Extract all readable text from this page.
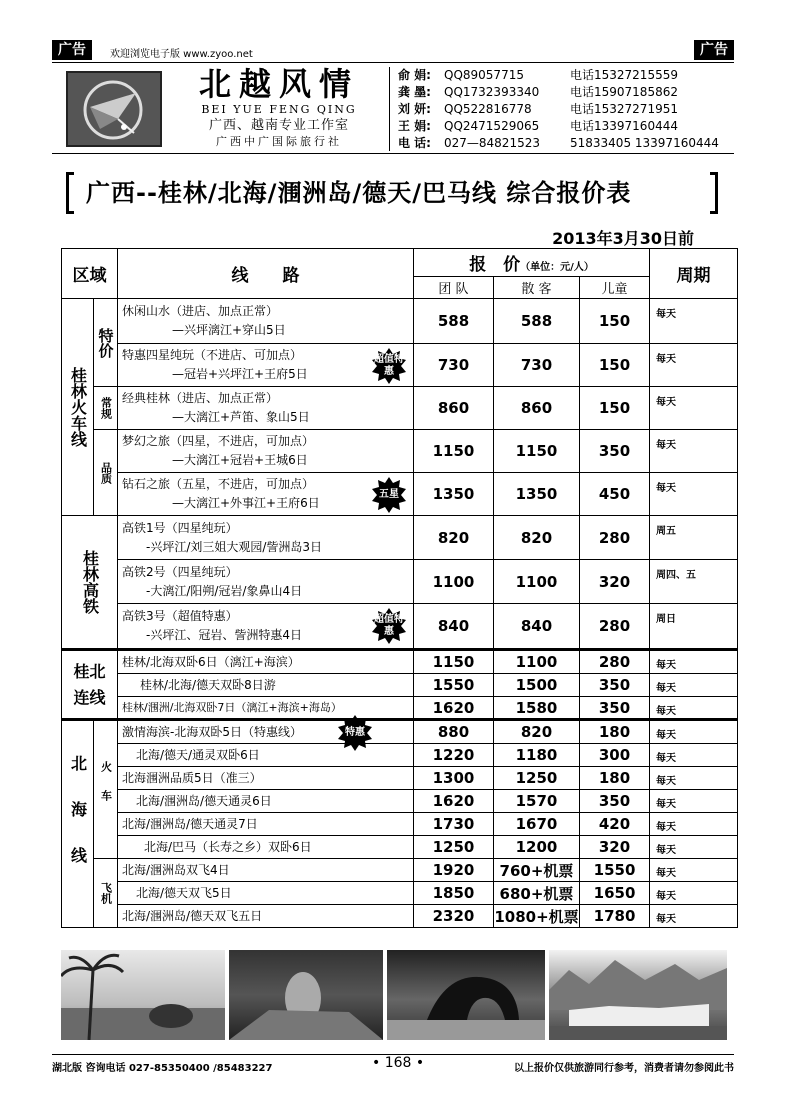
广告	欢迎浏览电子版 www.zyoo.net	广告
北越风情
BEI YUE FENG QING
广西、越南专业工作室
广西中广国际旅行社
俞 娟: QQ89057715	电话15327215559
龚 墨: QQ1732393340	电话15907185862
刘 妍: QQ522816778	电话15327271951
王 娟: QQ2471529065	电话13397160444
电 话: 027—84821523	51833405 13397160444
广西--桂林/北海/涠洲岛/德天/巴马线 综合报价表
2013年3月30日前
区域		线　　路	报　价（单位：元/人）			周期
			团 队	散 客	儿童	
桂林火车线	特价	休闲山水（进店、加点正常）
—兴坪漓江+穿山5日	588	588	150	每天

		特惠四星纯玩（不进店、可加点）
—冠岩+兴坪江+王府5日
超值特惠	730	730	150	每天
	常规	经典桂林（进店、加点正常）
—大漓江+芦笛、象山5日	860	860	150	每天
	品质	梦幻之旅（四星，不进店，可加点）
—大漓江+冠岩+王城6日	1150	1150	350	每天

		钻石之旅（五星，不进店，可加点）
—大漓江+外事江+王府6日
五星	1350	1350	450	每天
桂林高铁		高铁1号（四星纯玩）
-兴坪江/刘三姐大观园/訾洲岛3日	820	820	280	周五

		高铁2号（四星纯玩）
-大漓江/阳朔/冠岩/象鼻山4日	1100	1100	320	周四、五

		高铁3号（超值特惠）
-兴坪江、冠岩、訾洲特惠4日
超值特惠	840	840	280	周日
桂北连线		桂林/北海双卧6日（漓江+海滨）	1150	1100	280	每天
		桂林/北海/德天双卧8日游	1550	1500	350	每天
		桂林/涠洲/北海双卧7日（漓江+海滨+海岛）	1620	1580	350	每天
北海线	火车	激情海滨-北海双卧5日（特惠线） 特惠	880	820	180	每天
		北海/德天/通灵双卧6日	1220	1180	300	每天
		北海涠洲品质5日（准三）	1300	1250	180	每天
		北海/涠洲岛/德天通灵6日	1620	1570	350	每天
		北海/涠洲岛/德天通灵7日	1730	1670	420	每天
		北海/巴马（长寿之乡）双卧6日	1250	1200	320	每天
	飞机	北海/涠洲岛双飞4日	1920	760+机票	1550	每天
		北海/德天双飞5日	1850	680+机票	1650	每天
		北海/涠洲岛/德天双飞五日	2320	1080+机票	1780	每天
湖北版 咨询电话 027-85350400 /85483227	• 168 •	以上报价仅供旅游同行参考，消费者请勿参阅此书
